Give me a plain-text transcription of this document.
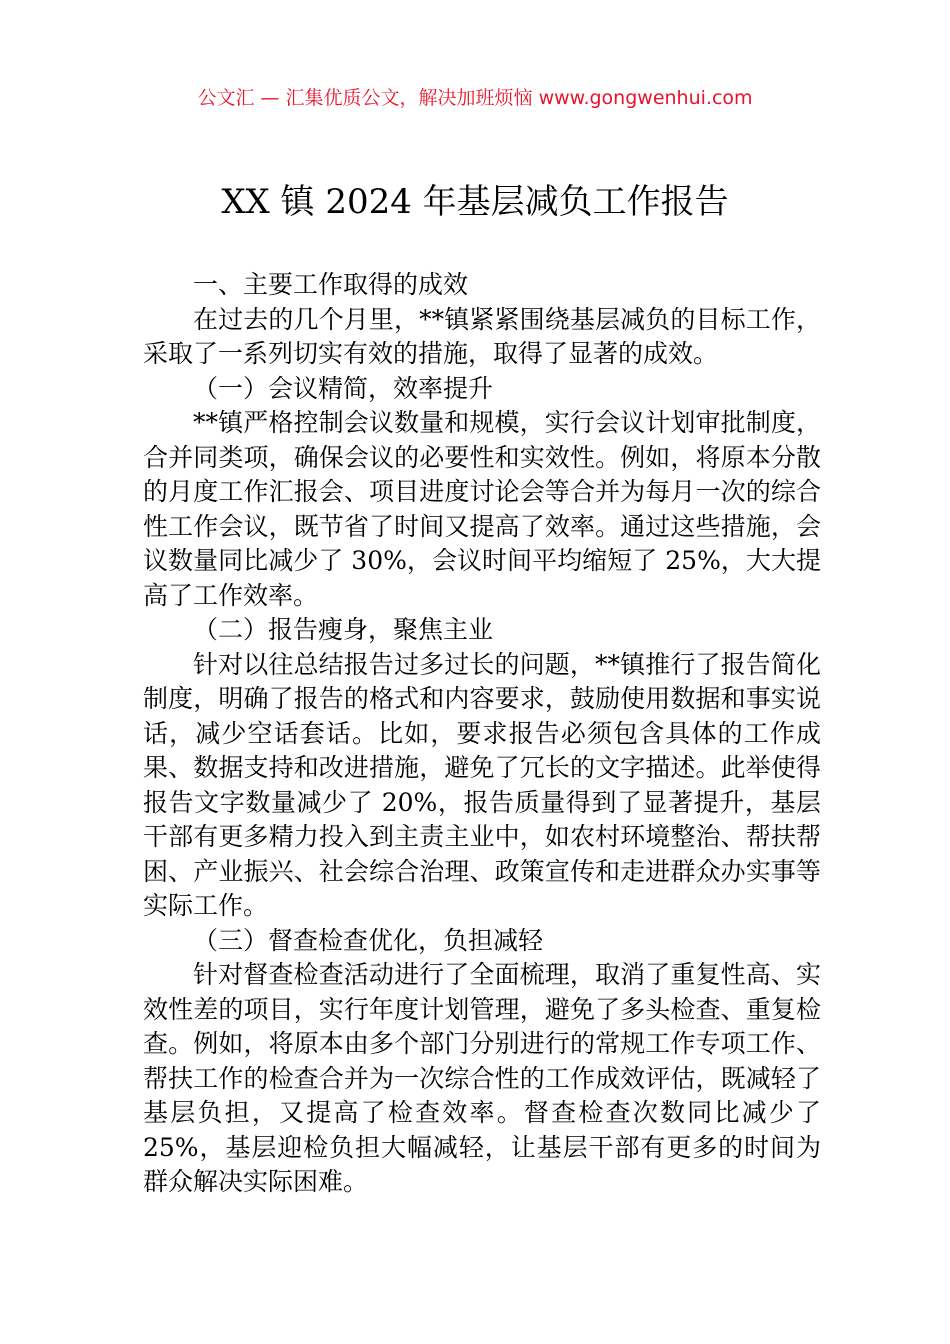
公文汇 — 汇集优质公文，解决加班烦恼 www.gongwenhui.com
XX 镇 2024 年基层减负工作报告

一、主要工作取得的成效

在过去的几个月里，**镇紧紧围绕基层减负的目标工作，采取了一系列切实有效的措施，取得了显著的成效。

（一）会议精简，效率提升

**镇严格控制会议数量和规模，实行会议计划审批制度，合并同类项，确保会议的必要性和实效性。例如，将原本分散的月度工作汇报会、项目进度讨论会等合并为每月一次的综合性工作会议，既节省了时间又提高了效率。通过这些措施，会议数量同比减少了 30%，会议时间平均缩短了 25%，大大提高了工作效率。

（二）报告瘦身，聚焦主业

针对以往总结报告过多过长的问题，**镇推行了报告简化制度，明确了报告的格式和内容要求，鼓励使用数据和事实说话，减少空话套话。比如，要求报告必须包含具体的工作成果、数据支持和改进措施，避免了冗长的文字描述。此举使得报告文字数量减少了 20%，报告质量得到了显著提升，基层干部有更多精力投入到主责主业中，如农村环境整治、帮扶帮困、产业振兴、社会综合治理、政策宣传和走进群众办实事等实际工作。

（三）督查检查优化，负担减轻

针对督查检查活动进行了全面梳理，取消了重复性高、实效性差的项目，实行年度计划管理，避免了多头检查、重复检查。例如，将原本由多个部门分别进行的常规工作专项工作、帮扶工作的检查合并为一次综合性的工作成效评估，既减轻了基层负担，又提高了检查效率。督查检查次数同比减少了 25%，基层迎检负担大幅减轻，让基层干部有更多的时间为群众解决实际困难。
